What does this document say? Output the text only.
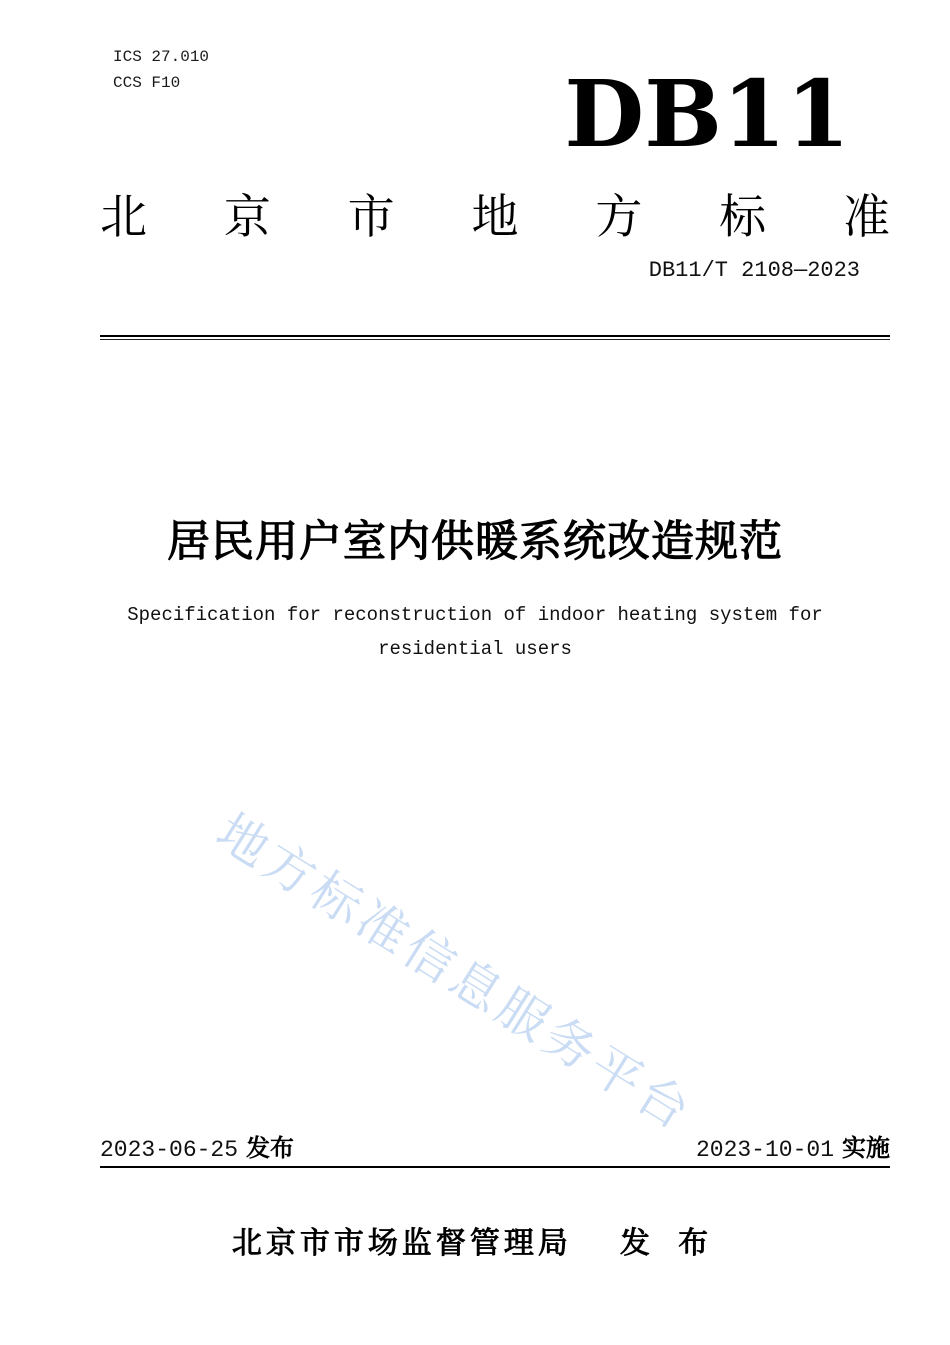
ICS 27.010
CCS F10	DB11
北 京 市 地 方 标 准
DB11/T 2108—2023
居民用户室内供暖系统改造规范
Specification for reconstruction of indoor heating system for
residential users
地方标准信息服务平台
2023-06-25 发布	2023-10-01 实施
北京市市场监督管理局 发 布
